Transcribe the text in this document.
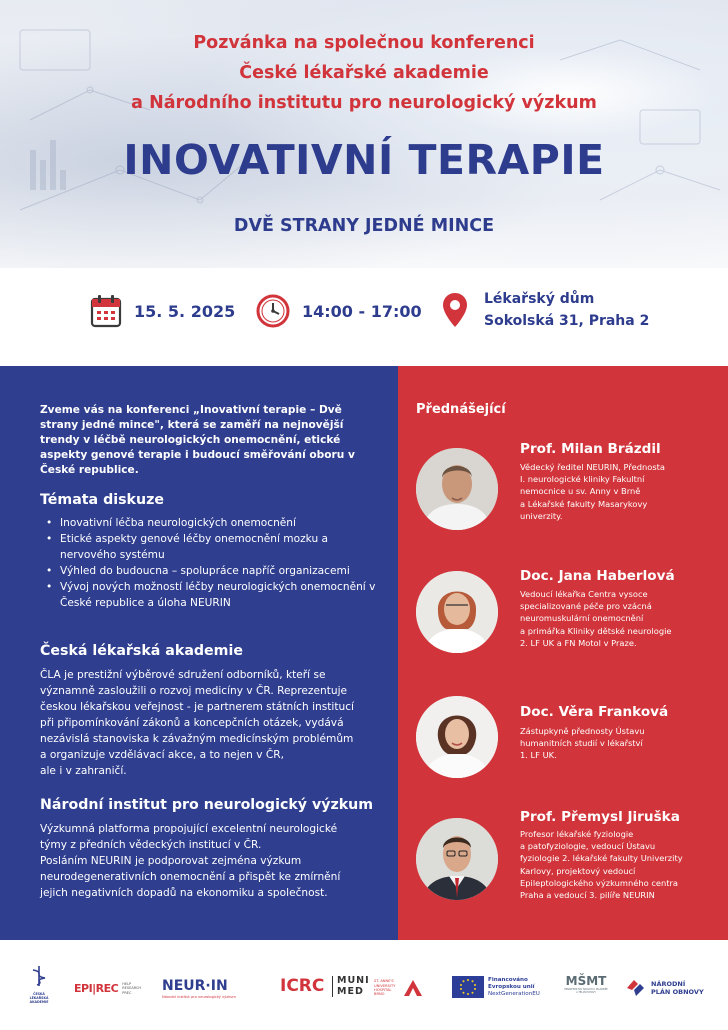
Pozvánka na společnou konferenci
České lékařské akademie
a Národního institutu pro neurologický výzkum
INOVATIVNÍ TERAPIE
DVĚ STRANY JEDNÉ MINCE
15. 5. 2025	14:00 - 17:00
Lékařský dům
Sokolská 31, Praha 2

Zveme vás na konferenci „Inovativní terapie – Dvě strany jedné mince", která se zaměří na nejnovější trendy v léčbě neurologických onemocnění, etické aspekty genové terapie i budoucí směřování oboru v České republice.

Témata diskuze
• Inovativní léčba neurologických onemocnění
• Etické aspekty genové léčby onemocnění mozku a nervového systému
• Výhled do budoucna – spolupráce napříč organizacemi
• Vývoj nových možností léčby neurologických onemocnění v České republice a úloha NEURIN
Česká lékařská akademie

ČLA je prestižní výběrové sdružení odborníků, kteří se
významně zasloužili o rozvoj medicíny v ČR. Reprezentuje
českou lékařskou veřejnost - je partnerem státních institucí
při připomínkování zákonů a koncepčních otázek, vydává
nezávislá stanoviska k závažným medicínským problémům
a organizuje vzdělávací akce, a to nejen v ČR,
ale i v zahraničí.

Národní institut pro neurologický výzkum

Výzkumná platforma propojující excelentní neurologické
týmy z předních vědeckých institucí v ČR.
Posláním NEURIN je podporovat zejména výzkum
neurodegenerativních onemocnění a přispět ke zmírnění
jejich negativních dopadů na ekonomiku a společnost.

Přednášející
Prof. Milan Brázdil
Vědecký ředitel NEURIN, Přednosta
I. neurologické kliniky Fakultní
nemocnice u sv. Anny v Brně
a Lékařské fakulty Masarykovy
univerzity.
Doc. Jana Haberlová
Vedoucí lékařka Centra vysoce
specializované péče pro vzácná
neuromuskulární onemocnění
a primářka Kliniky dětské neurologie
2. LF UK a FN Motol v Praze.
Doc. Věra Franková
Zástupkyně přednosty Ústavu
humanitních studií v lékařství
1. LF UK.
Prof. Přemysl Jiruška
Profesor lékařské fyziologie
a patofyziologie, vedoucí Ústavu
fyziologie 2. lékařské fakulty Univerzity
Karlovy, projektový vedoucí
Epileptologického výzkumného centra
Praha a vedoucí 3. pilíře NEURIN
ČESKÁ
LÉKAŘSKÁ
AKADEMIE
EPI|REC HELP
RESEARCH
PREC	NEUR·IN
Národní institut pro neurologický výzkum
ICRC MUNI
MED
ST. ANNE'S UNIVERSITY HOSPITAL BRNO
Financováno
Evropskou unií
NextGenerationEU
MŠMT
MINISTERSTVO ŠKOLSTVÍ, MLÁDEŽE A TĚLOVÝCHOVY
NÁRODNÍ
PLÁN OBNOVY
